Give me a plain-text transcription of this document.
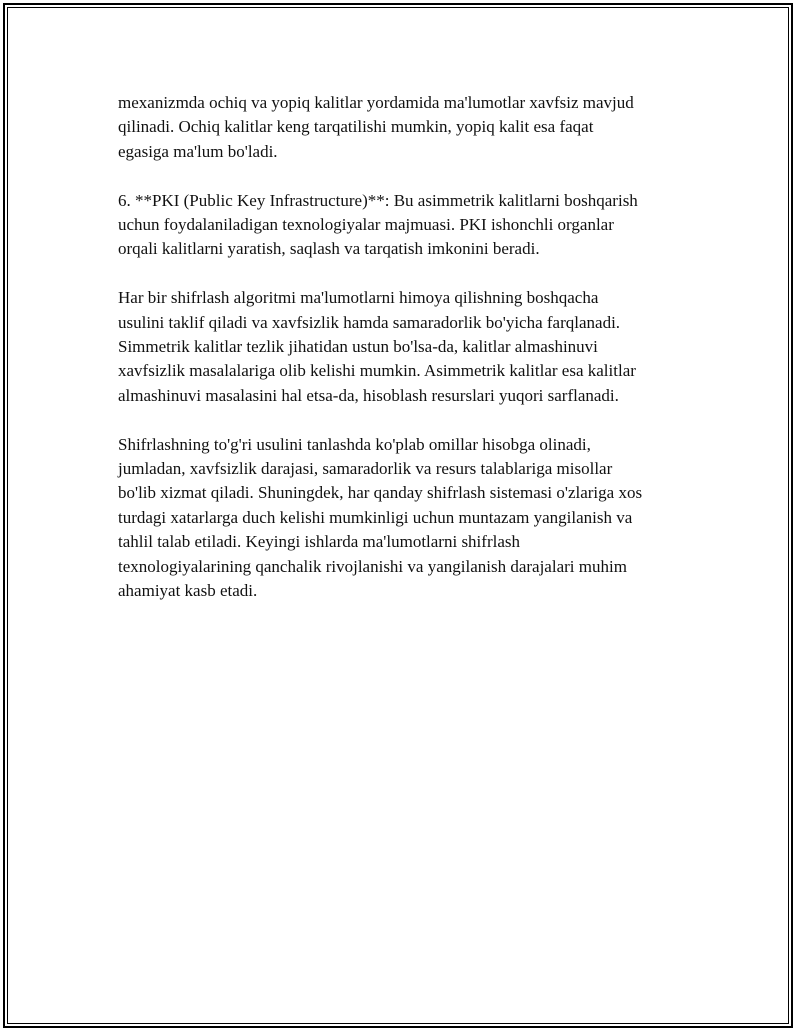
mexanizmda ochiq va yopiq kalitlar yordamida ma'lumotlar xavfsiz mavjud
qilinadi. Ochiq kalitlar keng tarqatilishi mumkin, yopiq kalit esa faqat
egasiga ma'lum bo'ladi.

6. **PKI (Public Key Infrastructure)**: Bu asimmetrik kalitlarni boshqarish
uchun foydalaniladigan texnologiyalar majmuasi. PKI ishonchli organlar
orqali kalitlarni yaratish, saqlash va tarqatish imkonini beradi.

Har bir shifrlash algoritmi ma'lumotlarni himoya qilishning boshqacha
usulini taklif qiladi va xavfsizlik hamda samaradorlik bo'yicha farqlanadi.
Simmetrik kalitlar tezlik jihatidan ustun bo'lsa-da, kalitlar almashinuvi
xavfsizlik masalalariga olib kelishi mumkin. Asimmetrik kalitlar esa kalitlar
almashinuvi masalasini hal etsa-da, hisoblash resurslari yuqori sarflanadi.

Shifrlashning to'g'ri usulini tanlashda ko'plab omillar hisobga olinadi,
jumladan, xavfsizlik darajasi, samaradorlik va resurs talablariga misollar
bo'lib xizmat qiladi. Shuningdek, har qanday shifrlash sistemasi o'zlariga xos
turdagi xatarlarga duch kelishi mumkinligi uchun muntazam yangilanish va
tahlil talab etiladi. Keyingi ishlarda ma'lumotlarni shifrlash
texnologiyalarining qanchalik rivojlanishi va yangilanish darajalari muhim
ahamiyat kasb etadi.
